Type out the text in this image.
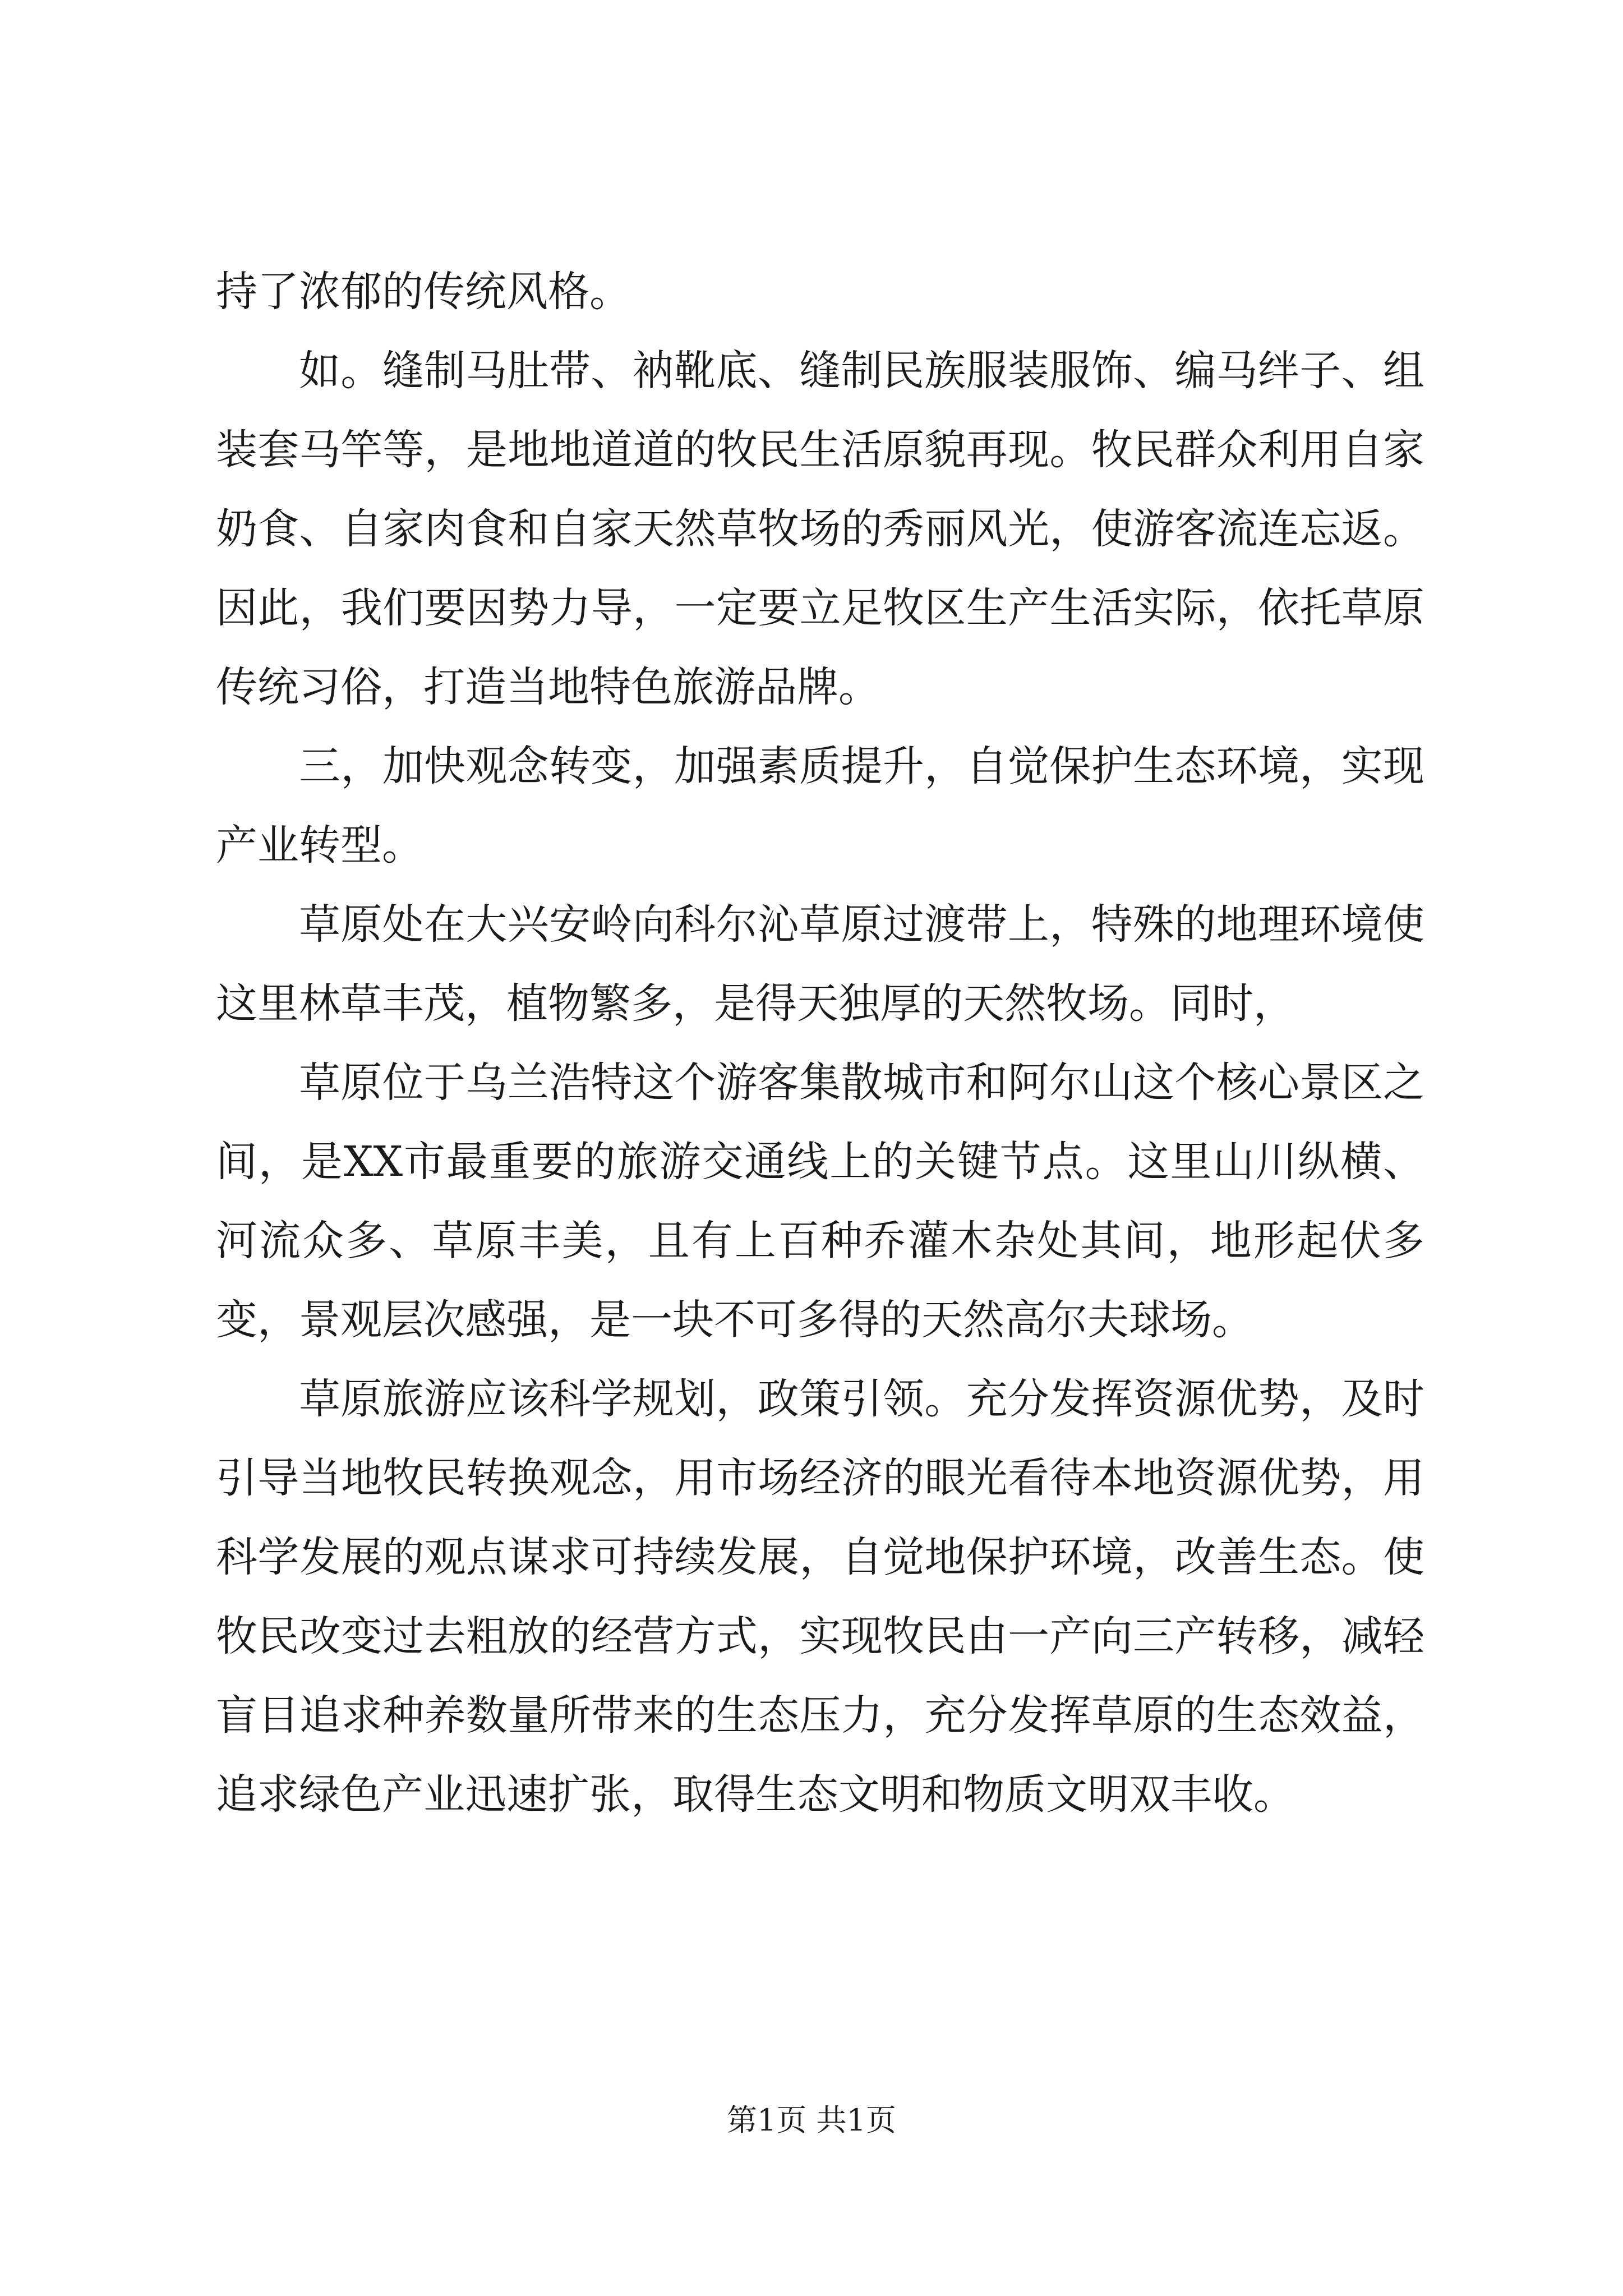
持了浓郁的传统风格。

如。缝制马肚带、衲靴底、缝制民族服装服饰、编马绊子、组装套马竿等，是地地道道的牧民生活原貌再现。牧民群众利用自家奶食、自家肉食和自家天然草牧场的秀丽风光，使游客流连忘返。因此，我们要因势力导，一定要立足牧区生产生活实际，依托草原传统习俗，打造当地特色旅游品牌。

三，加快观念转变，加强素质提升，自觉保护生态环境，实现产业转型。

草原处在大兴安岭向科尔沁草原过渡带上，特殊的地理环境使这里林草丰茂，植物繁多，是得天独厚的天然牧场。同时，

草原位于乌兰浩特这个游客集散城市和阿尔山这个核心景区之间，是XX市最重要的旅游交通线上的关键节点。这里山川纵横、河流众多、草原丰美，且有上百种乔灌木杂处其间，地形起伏多变，景观层次感强，是一块不可多得的天然高尔夫球场。

草原旅游应该科学规划，政策引领。充分发挥资源优势，及时引导当地牧民转换观念，用市场经济的眼光看待本地资源优势，用科学发展的观点谋求可持续发展，自觉地保护环境，改善生态。使牧民改变过去粗放的经营方式，实现牧民由一产向三产转移，减轻盲目追求种养数量所带来的生态压力，充分发挥草原的生态效益，追求绿色产业迅速扩张，取得生态文明和物质文明双丰收。

第1页 共1页
